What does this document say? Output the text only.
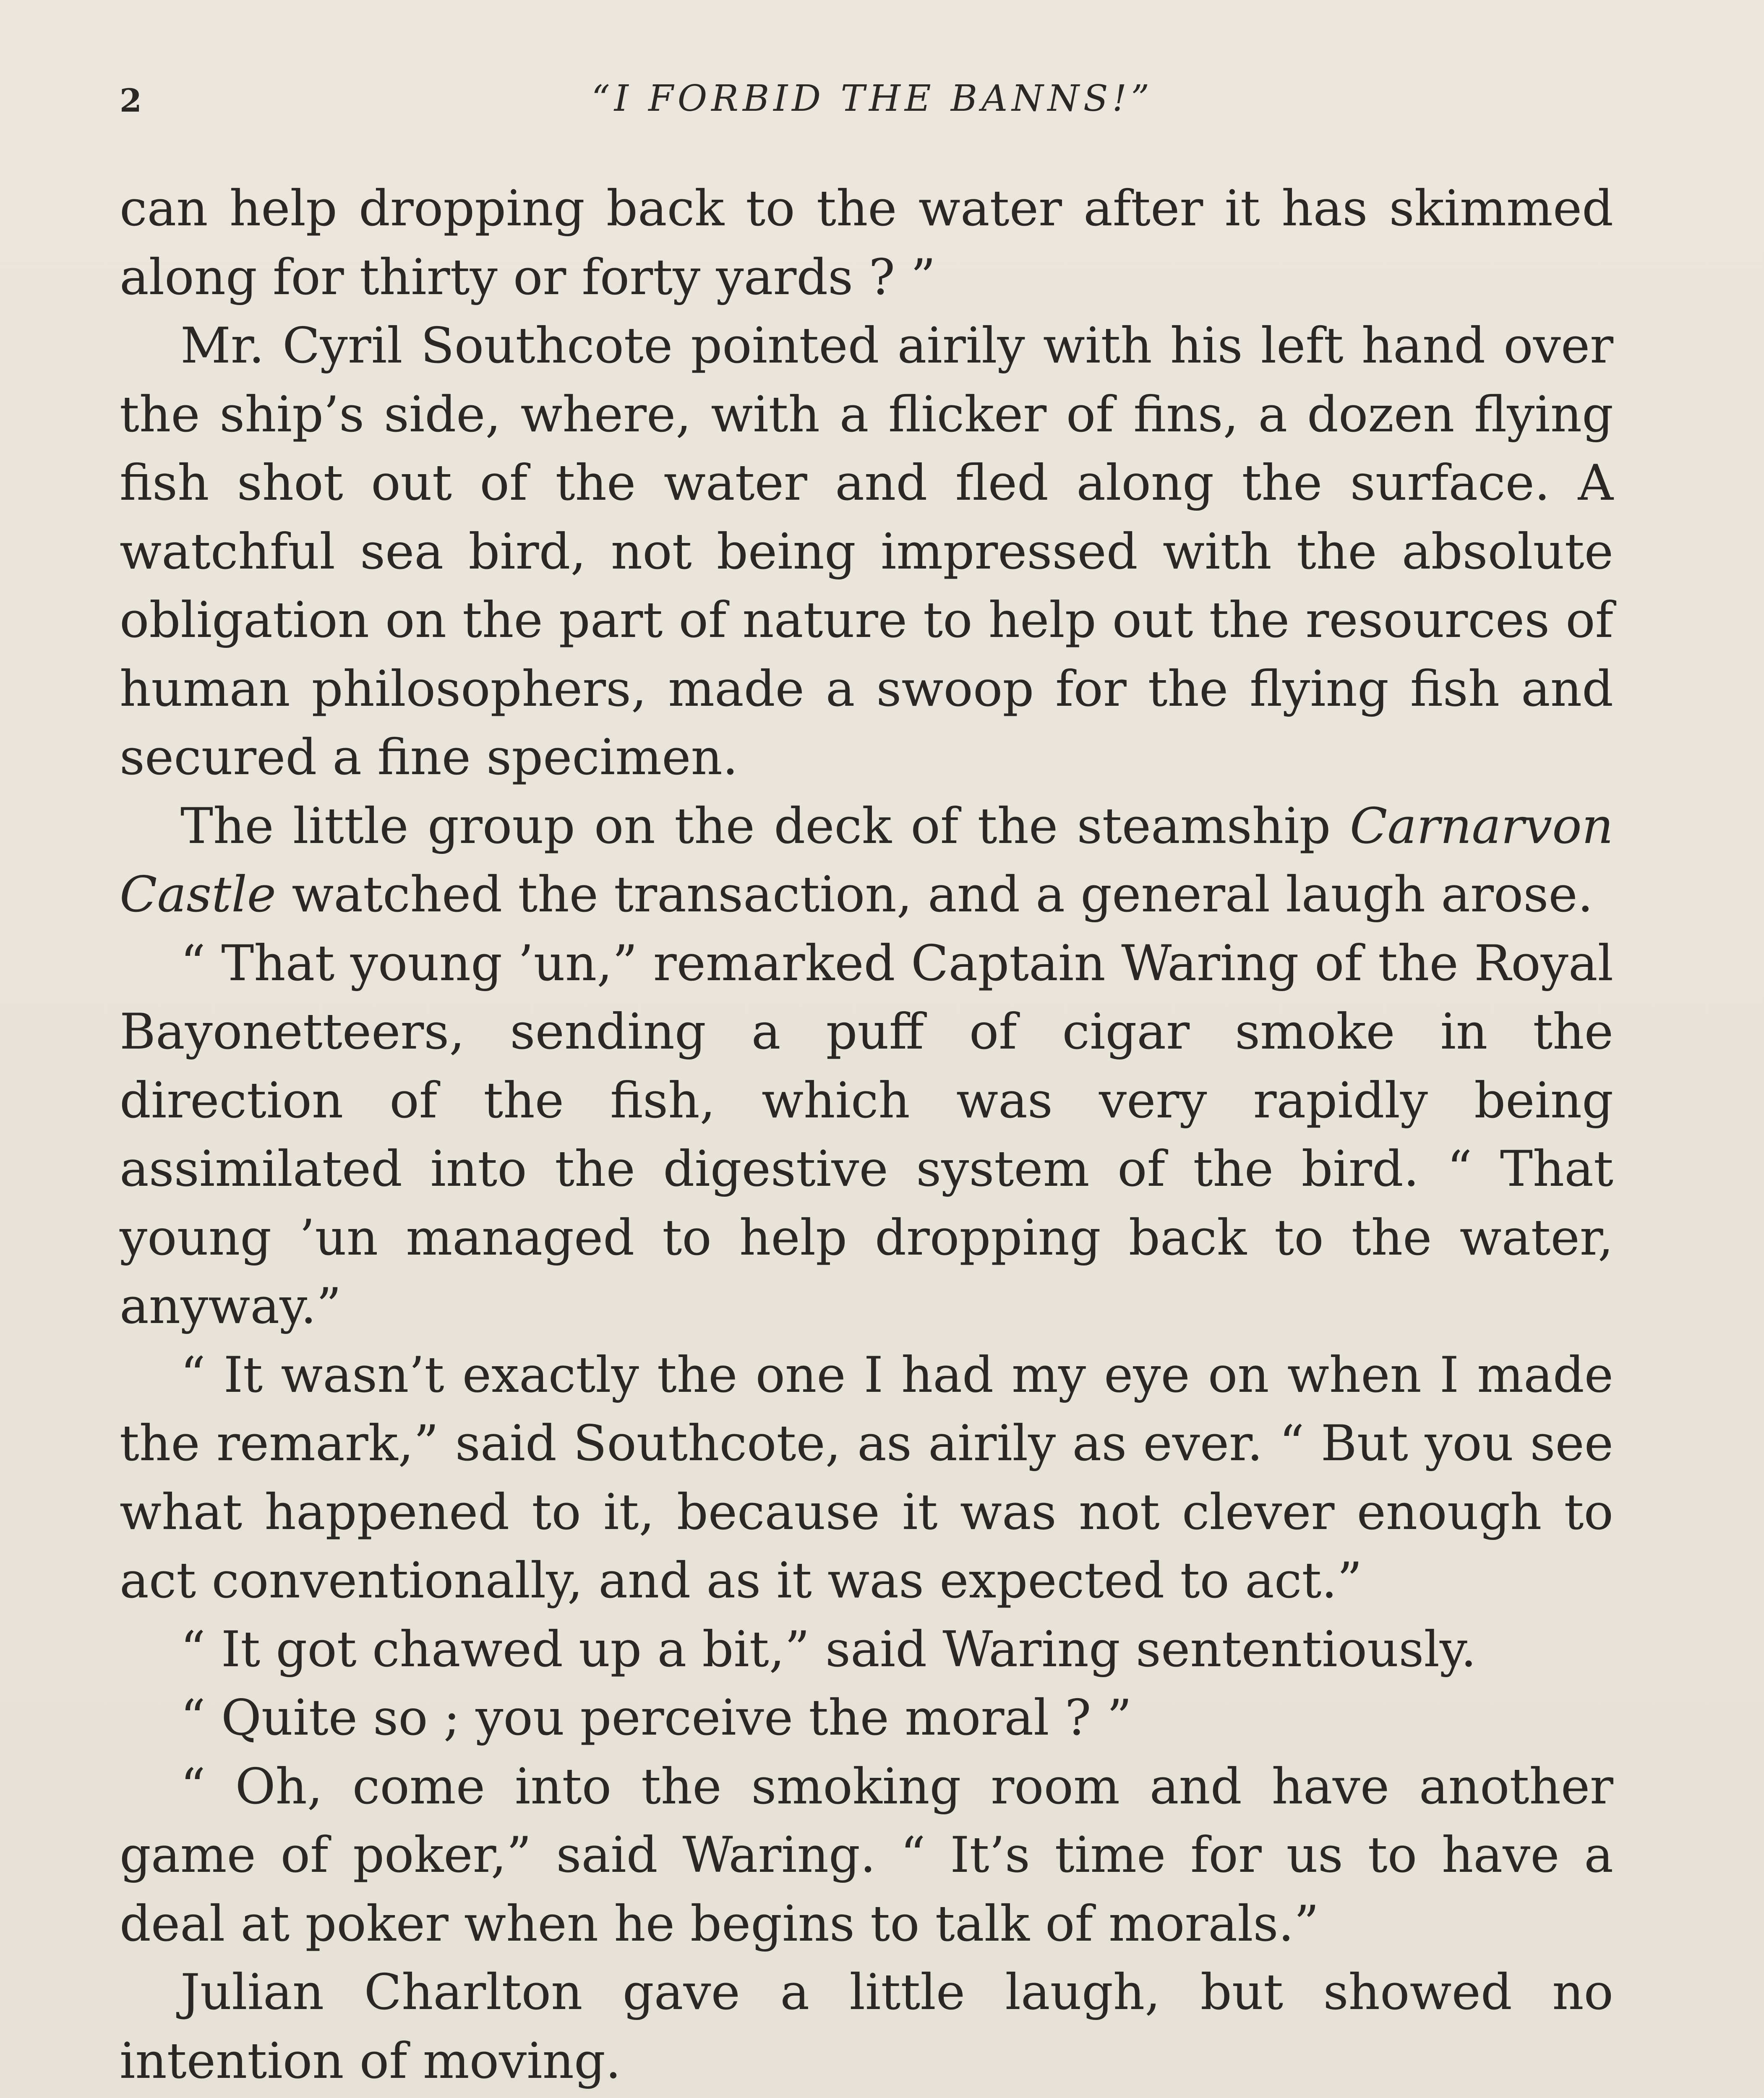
2	“I FORBID THE BANNS!”

can help dropping back to the water after it has skimmed along for thirty or forty yards ? ”

Mr. Cyril Southcote pointed airily with his left hand over the ship’s side, where, with a flicker of fins, a dozen flying fish shot out of the water and fled along the surface. A watchful sea bird, not being impressed with the absolute obligation on the part of nature to help out the resources of human philosophers, made a swoop for the flying fish and secured a fine specimen.

The little group on the deck of the steamship Carnarvon Castle watched the transaction, and a general laugh arose.

“ That young ’un,” remarked Captain Waring of the Royal Bayonetteers, sending a puff of cigar smoke in the direction of the fish, which was very rapidly being assimilated into the digestive system of the bird. “ That young ’un managed to help dropping back to the water, anyway.”

“ It wasn’t exactly the one I had my eye on when I made the remark,” said Southcote, as airily as ever. “ But you see what happened to it, because it was not clever enough to act conventionally, and as it was expected to act.”

“ It got chawed up a bit,” said Waring sententiously.

“ Quite so ; you perceive the moral ? ”

“ Oh, come into the smoking room and have another game of poker,” said Waring. “ It’s time for us to have a deal at poker when he begins to talk of morals.”

Julian Charlton gave a little laugh, but showed no intention of moving.
